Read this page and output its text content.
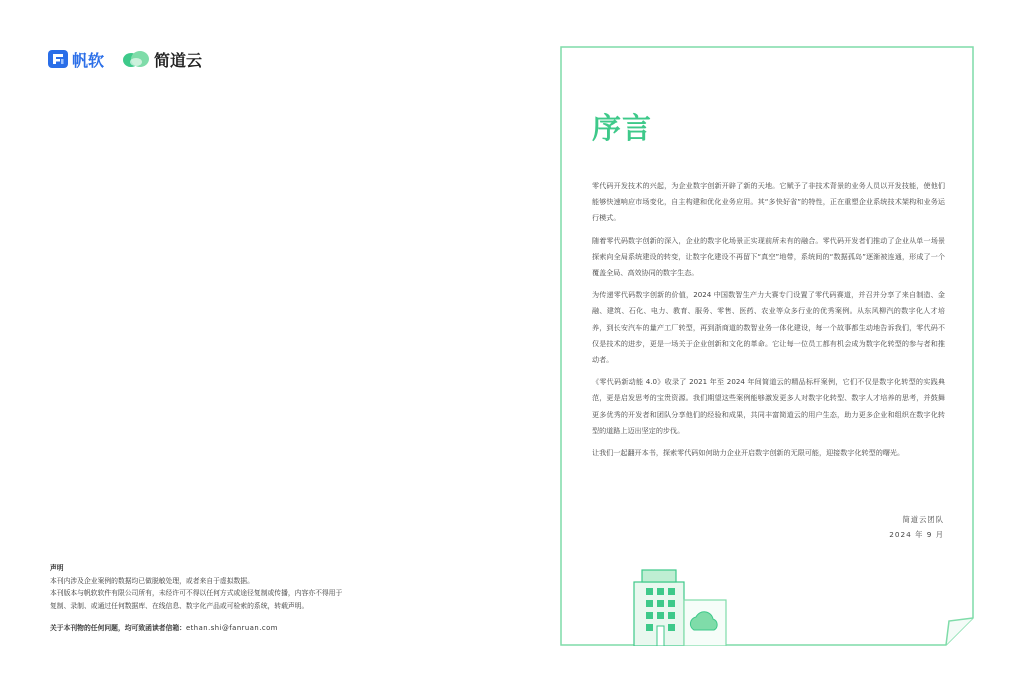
帆软	简道云

声明

本刊内涉及企业案例的数据均已做脱敏处理，或者来自于虚拟数据。

本刊版本与帆软软件有限公司所有，未经许可不得以任何方式或途径复制或传播，内容亦不得用于

复制、录制、或通过任何数据库、在线信息、数字化产品或可检索的系统，转载声明。

关于本刊物的任何问题，均可致函读者信箱：ethan.shi@fanruan.com

序言

零代码开发技术的兴起，为企业数字创新开辟了新的天地。它赋予了非技术背景的业务人员以开发技能，使他们能够快速响应市场变化，自主构建和优化业务应用。其“多快好省”的特性，正在重塑企业系统技术架构和业务运行模式。

随着零代码数字创新的深入，企业的数字化场景正实现前所未有的融合。零代码开发者们推动了企业从单一场景探索向全局系统建设的转变，让数字化建设不再留下“真空”地带，系统间的“数据孤岛”逐渐被连通，形成了一个覆盖全局、高效协同的数字生态。

为传递零代码数字创新的价值，2024 中国数智生产力大赛专门设置了零代码赛道，并召并分享了来自制造、金融、建筑、石化、电力、教育、服务、零售、医药、农业等众多行业的优秀案例。从东风柳汽的数字化人才培养，到长安汽车的量产工厂转型，再到浙商道的数智业务一体化建设，每一个故事都生动地告诉我们，零代码不仅是技术的进步，更是一场关于企业创新和文化的革命。它让每一位员工都有机会成为数字化转型的参与者和推动者。

《零代码新动能 4.0》收录了 2021 年至 2024 年间简道云的精品标杆案例，它们不仅是数字化转型的实践典范，更是启发思考的宝贵资源。我们期望这些案例能够激发更多人对数字化转型、数字人才培养的思考，并鼓舞更多优秀的开发者和团队分享他们的经验和成果，共同丰富简道云的用户生态，助力更多企业和组织在数字化转型的道路上迈出坚定的步伐。

让我们一起翻开本书，探索零代码如何助力企业开启数字创新的无限可能，迎接数字化转型的曙光。

简道云团队

2024 年 9 月
